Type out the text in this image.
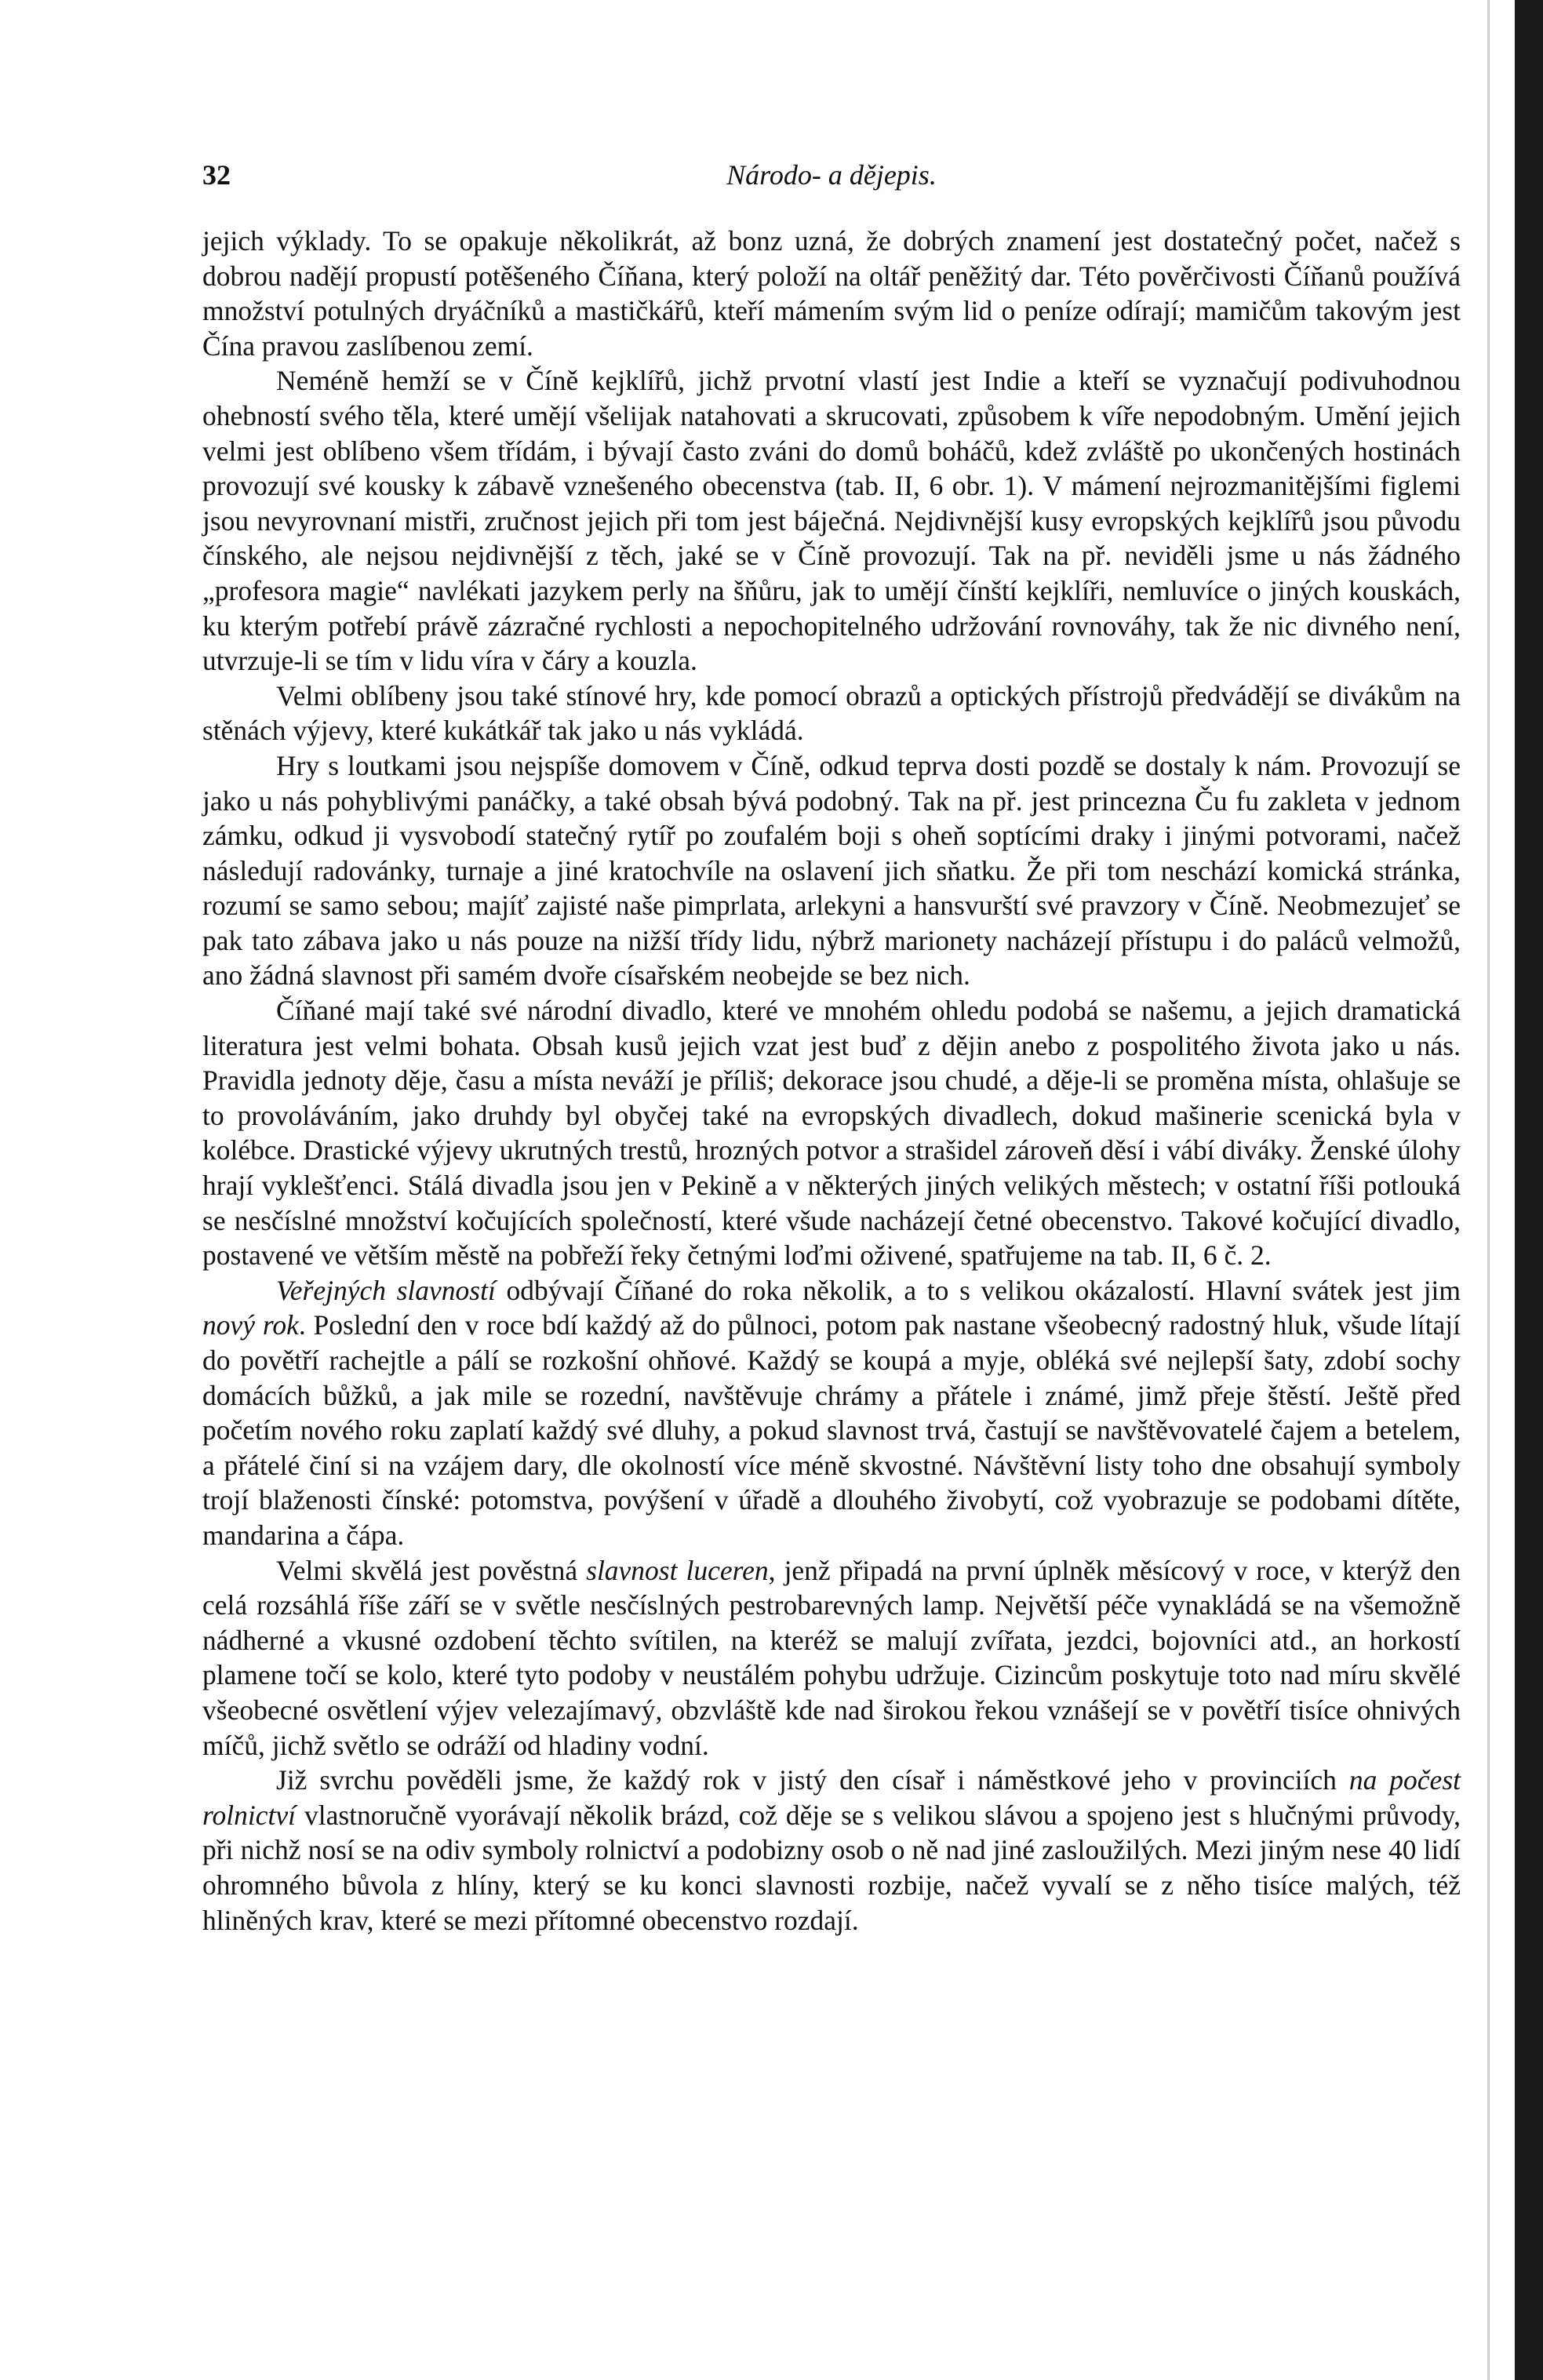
32	Národo- a dějepis.

jejich výklady. To se opakuje několikrát, až bonz uzná, že dobrých znamení jest dostatečný počet, načež s dobrou nadějí propustí potěšeného Číňana, který položí na oltář peněžitý dar. Této pověrčivosti Číňanů používá množství potulných dryáčníků a mastičkářů, kteří mámením svým lid o peníze odírají; mamičům takovým jest Čína pravou zaslíbenou zemí.

Neméně hemží se v Číně kejklířů, jichž prvotní vlastí jest Indie a kteří se vyznačují podivuhodnou ohebností svého těla, které umějí všelijak natahovati a skrucovati, způsobem k víře nepodobným. Umění jejich velmi jest oblíbeno všem třídám, i bývají často zváni do domů boháčů, kdež zvláště po ukončených hostinách provozují své kousky k zábavě vznešeného obecenstva (tab. II, 6 obr. 1). V mámení nejrozmanitějšími figlemi jsou nevyrovnaní mistři, zručnost jejich při tom jest báječná. Nejdivnější kusy evropských kejklířů jsou původu čínského, ale nejsou nejdivnější z těch, jaké se v Číně provozují. Tak na př. neviděli jsme u nás žádného „profesora magie“ navlékati jazykem perly na šňůru, jak to umějí čínští kejklíři, nemluvíce o jiných kouskách, ku kterým potřebí právě zázračné rychlosti a nepochopitelného udržování rovnováhy, tak že nic divného není, utvrzuje-li se tím v lidu víra v čáry a kouzla.

Velmi oblíbeny jsou také stínové hry, kde pomocí obrazů a optických přístrojů předvádějí se divákům na stěnách výjevy, které kukátkář tak jako u nás vykládá.

Hry s loutkami jsou nejspíše domovem v Číně, odkud teprva dosti pozdě se dostaly k nám. Provozují se jako u nás pohyblivými panáčky, a také obsah bývá podobný. Tak na př. jest princezna Ču fu zakleta v jednom zámku, odkud ji vysvobodí statečný rytíř po zoufalém boji s oheň soptícími draky i jinými potvorami, načež následují radovánky, turnaje a jiné kratochvíle na oslavení jich sňatku. Že při tom neschází komická stránka, rozumí se samo sebou; mají⁠ť zajisté naše pimprlata, arlekyni a hansvurští své pravzory v Číně. Neobmezuje⁠ť se pak tato zábava jako u nás pouze na nižší třídy lidu, nýbrž marionety nacházejí přístupu i do paláců velmožů, ano žádná slavnost při samém dvoře císařském neobejde se bez nich.

Číňané mají také své národní divadlo, které ve mnohém ohledu podobá se našemu, a jejich dramatická literatura jest velmi bohata. Obsah kusů jejich vzat jest buď z dějin anebo z pospolitého života jako u nás. Pravidla jednoty děje, času a místa neváží je příliš; dekorace jsou chudé, a děje-li se proměna místa, ohlašuje se to provoláváním, jako druhdy byl obyčej také na evropských divadlech, dokud mašinerie scenická byla v kolébce. Drastické výjevy ukrutných trestů, hrozných potvor a strašidel zároveň děsí i vábí diváky. Ženské úlohy hrají vyklešťenci. Stálá divadla jsou jen v Pekině a v některých jiných velikých městech; v ostatní říši potlouká se nesčíslné množství kočujících společností, které všude nacházejí četné obecenstvo. Takové kočující divadlo, postavené ve větším městě na pobřeží řeky četnými loďmi oživené, spatřujeme na tab. II, 6 č. 2.

Veřejných slavností odbývají Číňané do roka několik, a to s velikou okázalostí. Hlavní svátek jest jim nový rok. Poslední den v roce bdí každý až do půlnoci, potom pak nastane všeobecný radostný hluk, všude lítají do povětří rachejtle a pálí se rozkošní ohňové. Každý se koupá a myje, obléká své nejlepší šaty, zdobí sochy domácích bůžků, a jak mile se rozední, navštěvuje chrámy a přátele i známé, jimž přeje štěstí. Ještě před početím nového roku zaplatí každý své dluhy, a pokud slavnost trvá, častují se navštěvovatelé čajem a betelem, a přátelé činí si na vzájem dary, dle okolností více méně skvostné. Návštěvní listy toho dne obsahují symboly trojí blaženosti čínské: potomstva, povýšení v úřadě a dlouhého živobytí, což vyobrazuje se podobami dítěte, mandarina a čápa.

Velmi skvělá jest pověstná slavnost luceren, jenž připadá na první úplněk měsícový v roce, v kterýž den celá rozsáhlá říše září se v světle nesčíslných pestrobarevných lamp. Největší péče vynakládá se na všemožně nádherné a vkusné ozdobení těchto svítilen, na kteréž se malují zvířata, jezdci, bojovníci atd., an horkostí plamene točí se kolo, které tyto podoby v neustálém pohybu udržuje. Cizincům poskytuje toto nad míru skvělé všeobecné osvětlení výjev velezajímavý, obzvláště kde nad širokou řekou vznášejí se v povětří tisíce ohnivých míčů, jichž světlo se odráží od hladiny vodní.

Již svrchu pověděli jsme, že každý rok v jistý den císař i náměstkové jeho v provinciích na počest rolnictví vlastnoručně vyorávají několik brázd, což děje se s velikou slávou a spojeno jest s hlučnými průvody, při nichž nosí se na odiv symboly rolnictví a podobizny osob o ně nad jiné zasloužilých. Mezi jiným nese 40 lidí ohromného bůvola z hlíny, který se ku konci slavnosti rozbije, načež vyvalí se z něho tisíce malých, též hliněných krav, které se mezi přítomné obecenstvo rozdají.
